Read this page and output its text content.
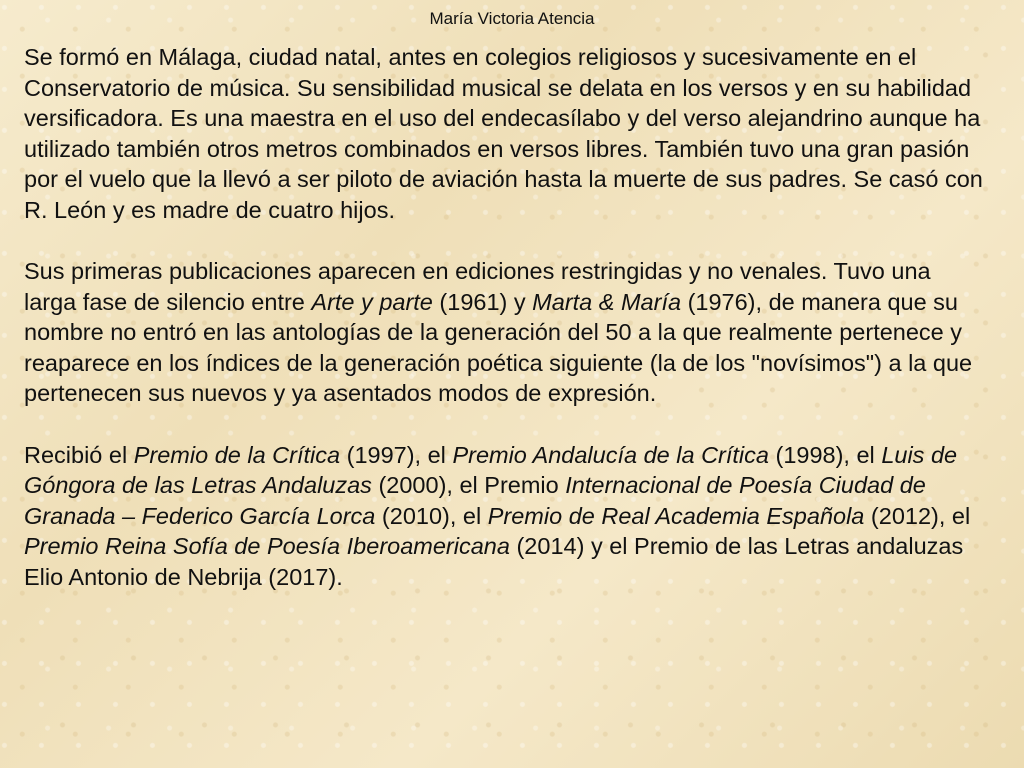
María Victoria Atencia

Se formó en Málaga, ciudad natal, antes en colegios religiosos y sucesivamente en el Conservatorio de música. Su sensibilidad musical se delata en los versos y en su habilidad versificadora. Es una maestra en el uso del endecasílabo y del verso alejandrino aunque ha utilizado también otros metros combinados en versos libres. También tuvo una gran pasión por el vuelo que la llevó a ser piloto de aviación hasta la muerte de sus padres. Se casó con R. León y es madre de cuatro hijos.

Sus primeras publicaciones aparecen en ediciones restringidas y no venales. Tuvo una larga fase de silencio entre Arte y parte (1961) y Marta & María (1976), de manera que su nombre no entró en las antologías de la generación del 50 a la que realmente pertenece y reaparece en los índices de la generación poética siguiente (la de los "novísimos") a la que pertenecen sus nuevos y ya asentados modos de expresión.

Recibió el Premio de la Crítica (1997), el Premio Andalucía de la Crítica (1998), el Luis de Góngora de las Letras Andaluzas (2000), el Premio Internacional de Poesía Ciudad de Granada – Federico García Lorca (2010), el Premio de Real Academia Española (2012), el Premio Reina Sofía de Poesía Iberoamericana (2014) y el Premio de las Letras andaluzas Elio Antonio de Nebrija (2017).
